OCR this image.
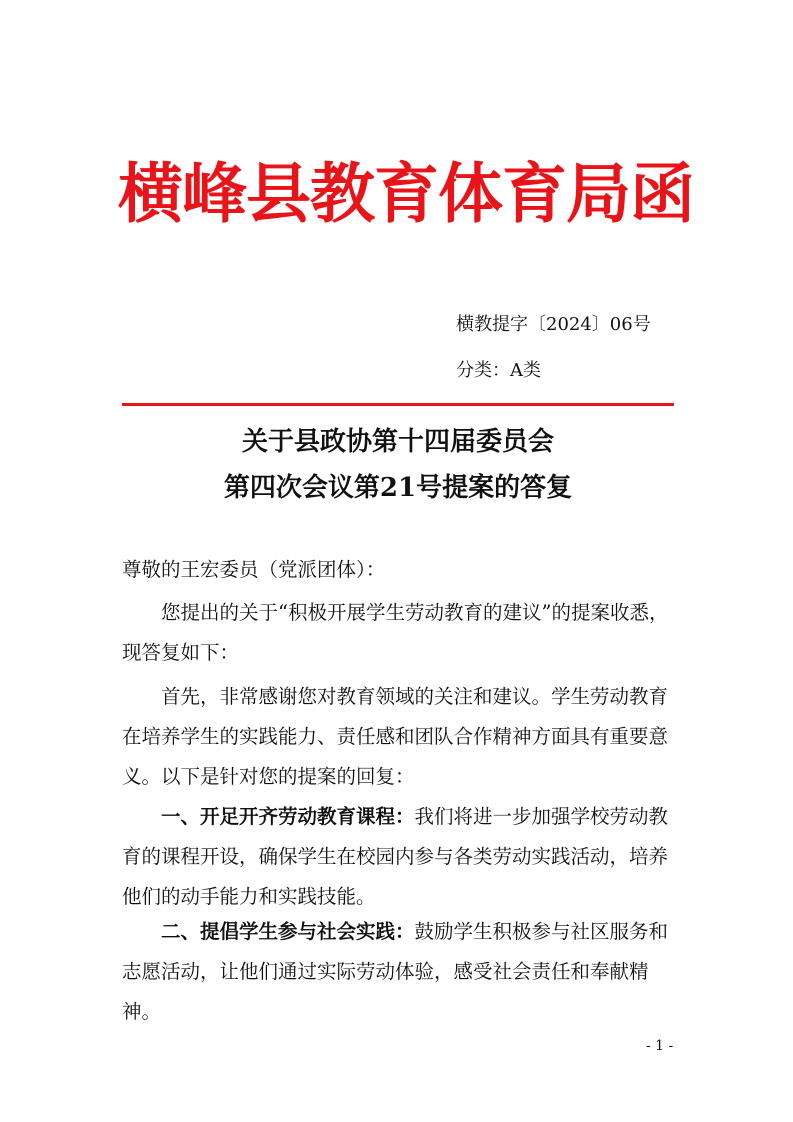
横峰县教育体育局函
横教提字〔2024〕06号
分类：A类
关于县政协第十四届委员会
第四次会议第21号提案的答复
尊敬的王宏委员（党派团体）：
您提出的关于“积极开展学生劳动教育的建议”的提案收悉，现答复如下：
首先，非常感谢您对教育领域的关注和建议。学生劳动教育在培养学生的实践能力、责任感和团队合作精神方面具有重要意义。以下是针对您的提案的回复：
一、开足开齐劳动教育课程：我们将进一步加强学校劳动教育的课程开设，确保学生在校园内参与各类劳动实践活动，培养他们的动手能力和实践技能。
二、提倡学生参与社会实践：鼓励学生积极参与社区服务和志愿活动，让他们通过实际劳动体验，感受社会责任和奉献精神。
- 1 -
